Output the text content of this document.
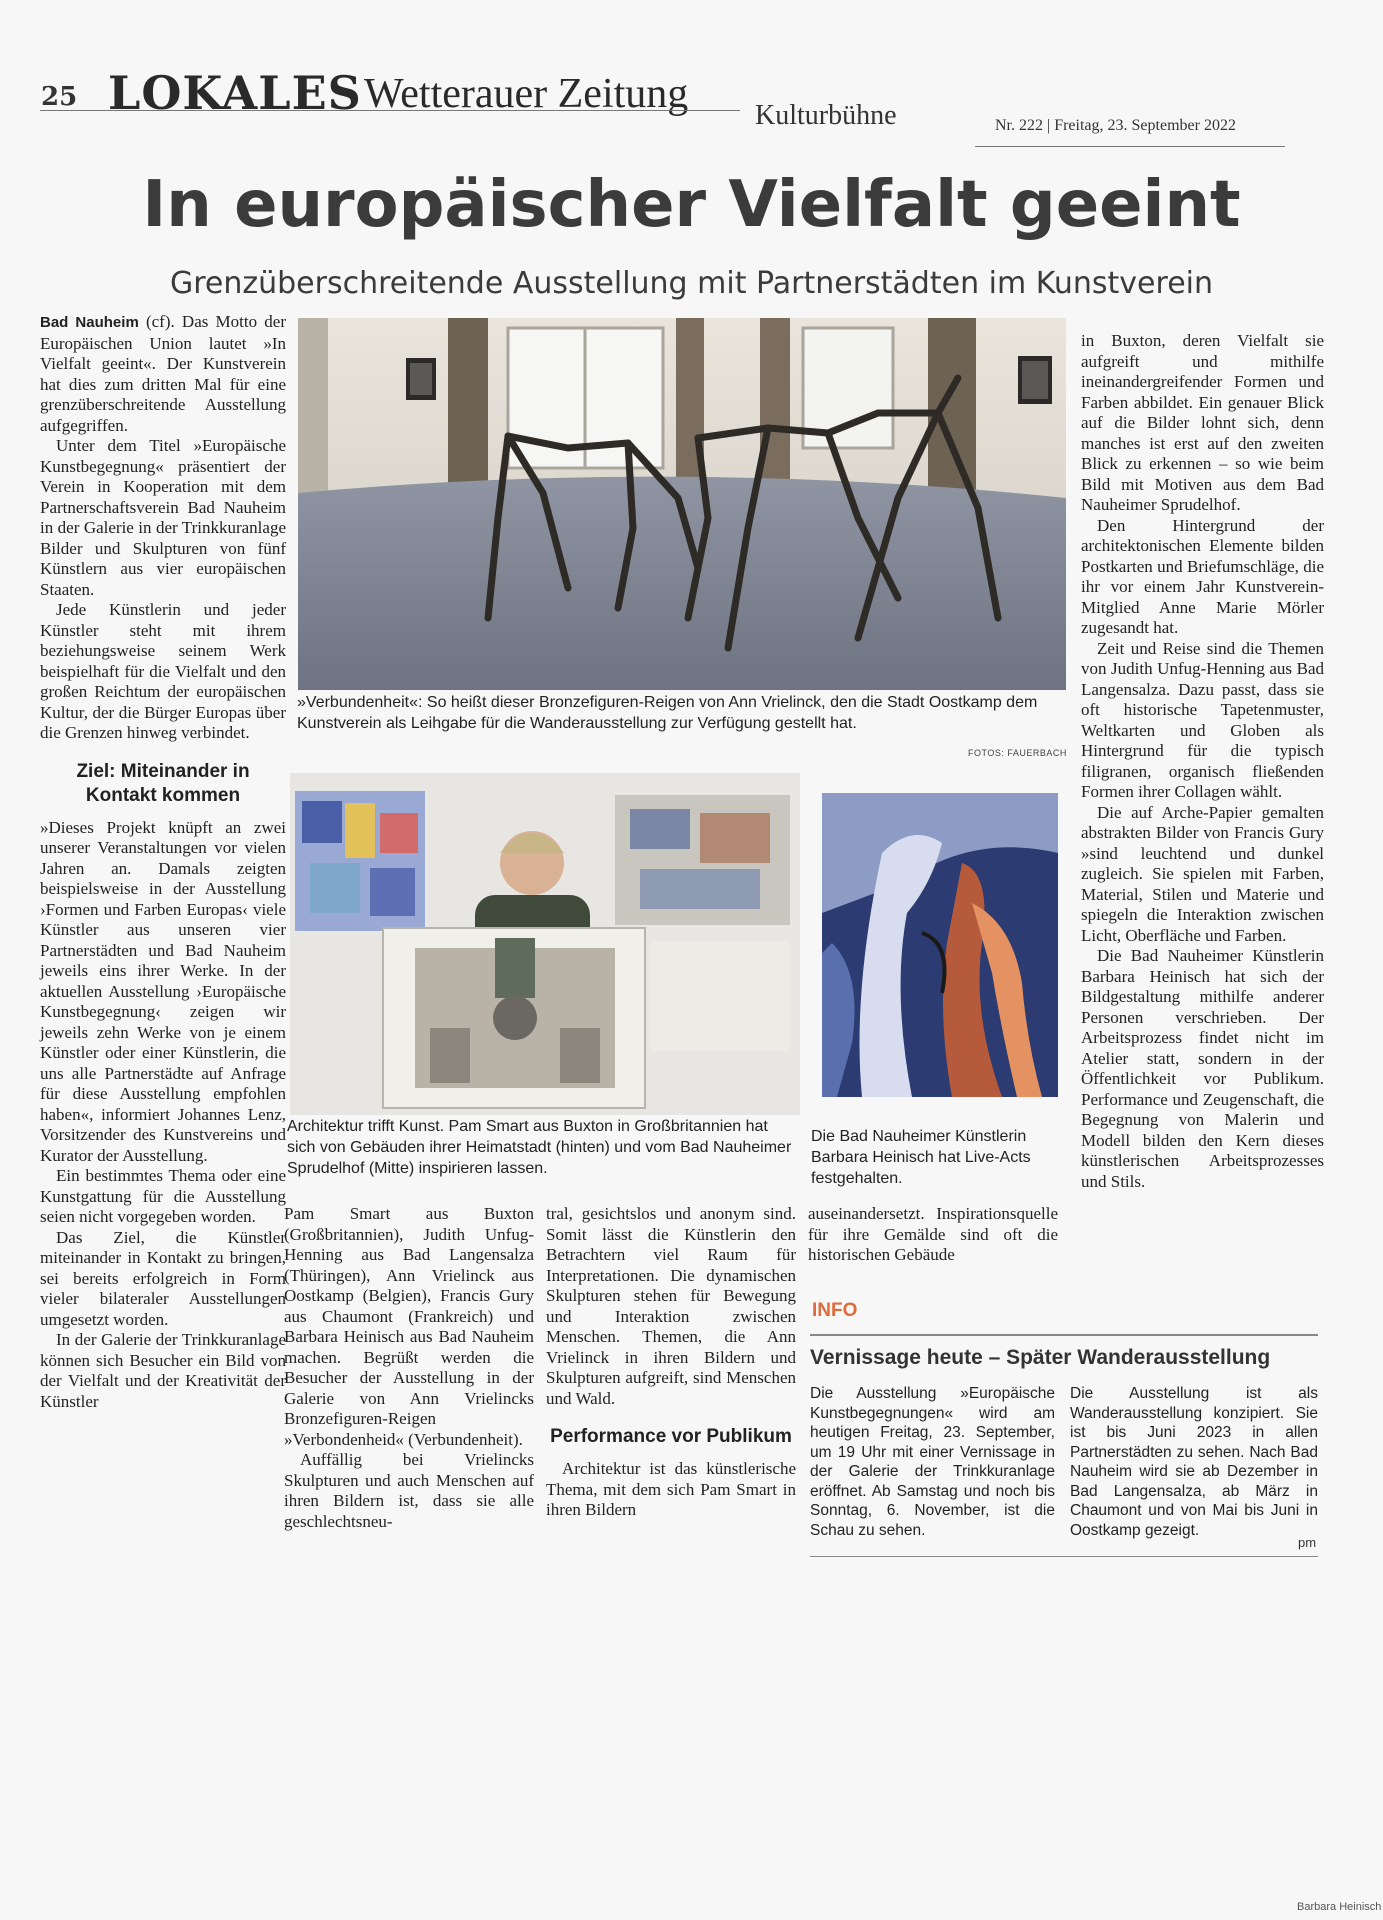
25 LOKALES Wetterauer Zeitung Kulturbühne	Nr. 222 | Freitag, 23. September 2022
In europäischer Vielfalt geeint
Grenzüberschreitende Ausstellung mit Partnerstädten im Kunstverein

Bad Nauheim (cf). Das Motto der Europäischen Union lautet »In Vielfalt geeint«. Der Kunstverein hat dies zum dritten Mal für eine grenzüberschreitende Ausstellung aufgegriffen.

Unter dem Titel »Europäische Kunstbegegnung« präsentiert der Verein in Kooperation mit dem Partnerschaftsverein Bad Nauheim in der Galerie in der Trinkkuranlage Bilder und Skulpturen von fünf Künstlern aus vier europäischen Staaten.

Jede Künstlerin und jeder Künstler steht mit ihrem beziehungsweise seinem Werk beispielhaft für die Vielfalt und den großen Reichtum der europäischen Kultur, der die Bürger Europas über die Grenzen hinweg verbindet.

Ziel: Miteinander in Kontakt kommen

»Dieses Projekt knüpft an zwei unserer Veranstaltungen vor vielen Jahren an. Damals zeigten beispielsweise in der Ausstellung ›Formen und Farben Europas‹ viele Künstler aus unseren vier Partnerstädten und Bad Nauheim jeweils eins ihrer Werke. In der aktuellen Ausstellung ›Europäische Kunstbegegnung‹ zeigen wir jeweils zehn Werke von je einem Künstler oder einer Künstlerin, die uns alle Partnerstädte auf Anfrage für diese Ausstellung empfohlen haben«, informiert Johannes Lenz, Vorsitzender des Kunstvereins und Kurator der Ausstellung.

Ein bestimmtes Thema oder eine Kunstgattung für die Ausstellung seien nicht vorgegeben worden.

Das Ziel, die Künstler miteinander in Kontakt zu bringen, sei bereits erfolgreich in Form vieler bilateraler Ausstellungen umgesetzt worden.

In der Galerie der Trinkkuranlage können sich Besucher ein Bild von der Vielfalt und der Kreativität der Künstler

»Verbundenheit«: So heißt dieser Bronzefiguren-Reigen von Ann Vrielinck, den die Stadt Oostkamp dem Kunstverein als Leihgabe für die Wanderausstellung zur Verfügung gestellt hat.
FOTOS: FAUERBACH
Architektur trifft Kunst. Pam Smart aus Buxton in Großbritannien hat sich von Gebäuden ihrer Heimatstadt (hinten) und vom Bad Nauheimer Sprudelhof (Mitte) inspirieren lassen.
Die Bad Nauheimer Künstlerin Barbara Heinisch hat Live-Acts festgehalten.

Pam Smart aus Buxton (Großbritannien), Judith Unfug-Henning aus Bad Langensalza (Thüringen), Ann Vrielinck aus Oostkamp (Belgien), Francis Gury aus Chaumont (Frankreich) und Barbara Heinisch aus Bad Nauheim machen. Begrüßt werden die Besucher der Ausstellung in der Galerie von Ann Vrielincks Bronzefiguren-Reigen »Verbondenheid« (Verbundenheit).

Auffällig bei Vrielincks Skulpturen und auch Menschen auf ihren Bildern ist, dass sie alle geschlechtsneu-

tral, gesichtslos und anonym sind. Somit lässt die Künstlerin den Betrachtern viel Raum für Interpretationen. Die dynamischen Skulpturen stehen für Bewegung und Interaktion zwischen Menschen. Themen, die Ann Vrielinck in ihren Bildern und Skulpturen aufgreift, sind Menschen und Wald.

Performance vor Publikum

Architektur ist das künstlerische Thema, mit dem sich Pam Smart in ihren Bildern

auseinandersetzt. Inspirationsquelle für ihre Gemälde sind oft die historischen Gebäude

in Buxton, deren Vielfalt sie aufgreift und mithilfe ineinandergreifender Formen und Farben abbildet. Ein genauer Blick auf die Bilder lohnt sich, denn manches ist erst auf den zweiten Blick zu erkennen – so wie beim Bild mit Motiven aus dem Bad Nauheimer Sprudelhof.

Den Hintergrund der architektonischen Elemente bilden Postkarten und Briefumschläge, die ihr vor einem Jahr Kunstverein-Mitglied Anne Marie Mörler zugesandt hat.

Zeit und Reise sind die Themen von Judith Unfug-Henning aus Bad Langensalza. Dazu passt, dass sie oft historische Tapetenmuster, Weltkarten und Globen als Hintergrund für die typisch filigranen, organisch fließenden Formen ihrer Collagen wählt.

Die auf Arche-Papier gemalten abstrakten Bilder von Francis Gury »sind leuchtend und dunkel zugleich. Sie spielen mit Farben, Material, Stilen und Materie und spiegeln die Interaktion zwischen Licht, Oberfläche und Farben.

Die Bad Nauheimer Künstlerin Barbara Heinisch hat sich der Bildgestaltung mithilfe anderer Personen verschrieben. Der Arbeitsprozess findet nicht im Atelier statt, sondern in der Öffentlichkeit vor Publikum. Performance und Zeugenschaft, die Begegnung von Malerin und Modell bilden den Kern dieses künstlerischen Arbeitsprozesses und Stils.

INFO
Vernissage heute – Später Wanderausstellung
Die Ausstellung »Europäische Kunstbegegnungen« wird am heutigen Freitag, 23. September, um 19 Uhr mit einer Vernissage in der Galerie der Trinkkuranlage eröffnet. Ab Samstag und noch bis Sonntag, 6. November, ist die Schau zu sehen.
Die Ausstellung ist als Wanderausstellung konzipiert. Sie ist bis Juni 2023 in allen Partnerstädten zu sehen. Nach Bad Nauheim wird sie ab Dezember in Bad Langensalza, ab März in Chaumont und von Mai bis Juni in Oostkamp gezeigt.
pm
Barbara Heinisch
